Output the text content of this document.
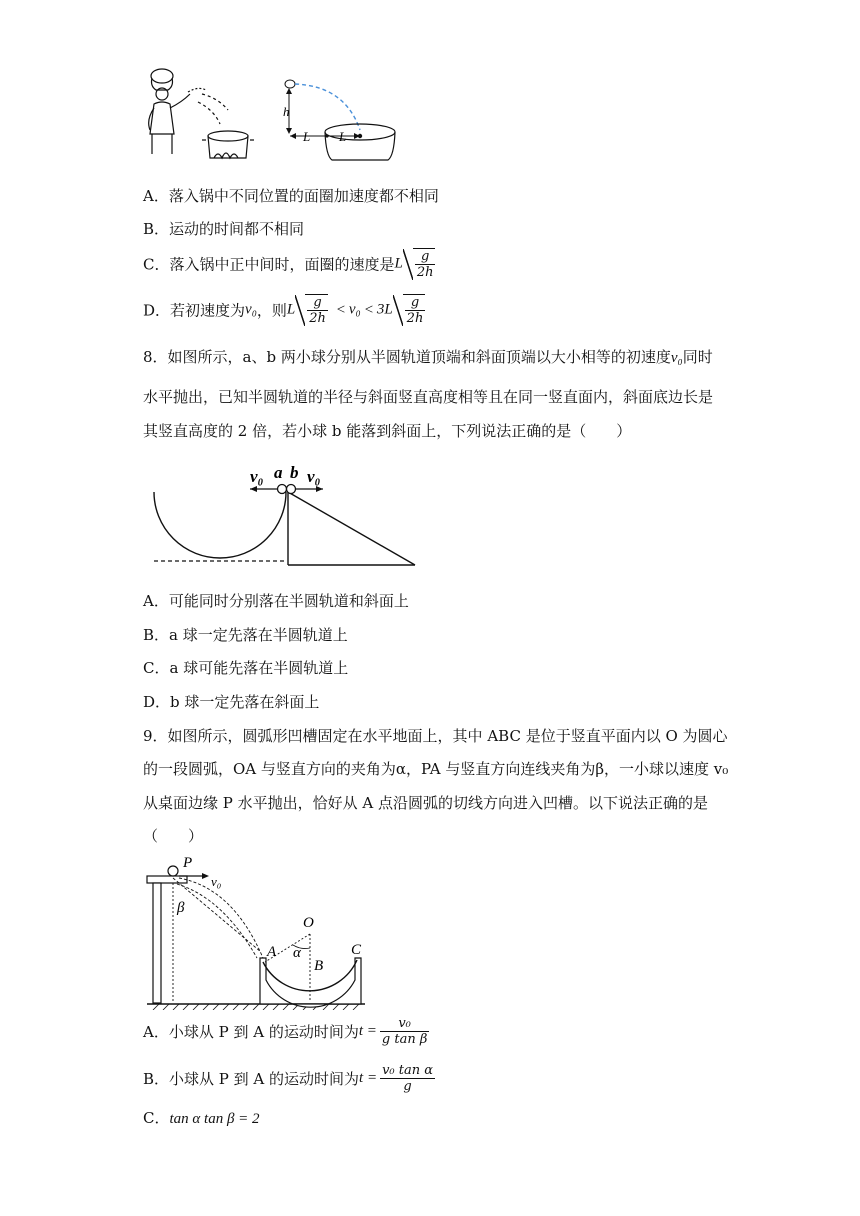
h
L L
A．落入锅中不同位置的面圈加速度都不相同
B．运动的时间都不相同
C．落入锅中正中间时，面圈的速度是L $\frac{g}{2h}$
D．若初速度为v₀，则L $\frac{g}{2h} < v_0 < 3L \frac{g}{2h}$
8．如图所示，a、b 两小球分别从半圆轨道顶端和斜面顶端以大小相等的初速度v₀同时
水平抛出，已知半圆轨道的半径与斜面竖直高度相等且在同一竖直面内，斜面底边长是
其竖直高度的 2 倍，若小球 b 能落到斜面上，下列说法正确的是（　　）
v₀ a b v₀
A．可能同时分别落在半圆轨道和斜面上
B．a 球一定先落在半圆轨道上
C．a 球可能先落在半圆轨道上
D．b 球一定先落在斜面上
9．如图所示，圆弧形凹槽固定在水平地面上，其中 ABC 是位于竖直平面内以 O 为圆心
的一段圆弧，OA 与竖直方向的夹角为α，PA 与竖直方向连线夹角为β，一小球以速度 v₀
从桌面边缘 P 水平抛出，恰好从 A 点沿圆弧的切线方向进入凹槽。以下说法正确的是
（　　）
P
v₀
β
O
A α
B
C
A．小球从 P 到 A 的运动时间为$t = \frac{\text{v₀}}{\text{g tan β}}$
B．小球从 P 到 A 的运动时间为$t = \frac{\text{v₀ tan α}}{g}$
C．tan α tan β = 2
